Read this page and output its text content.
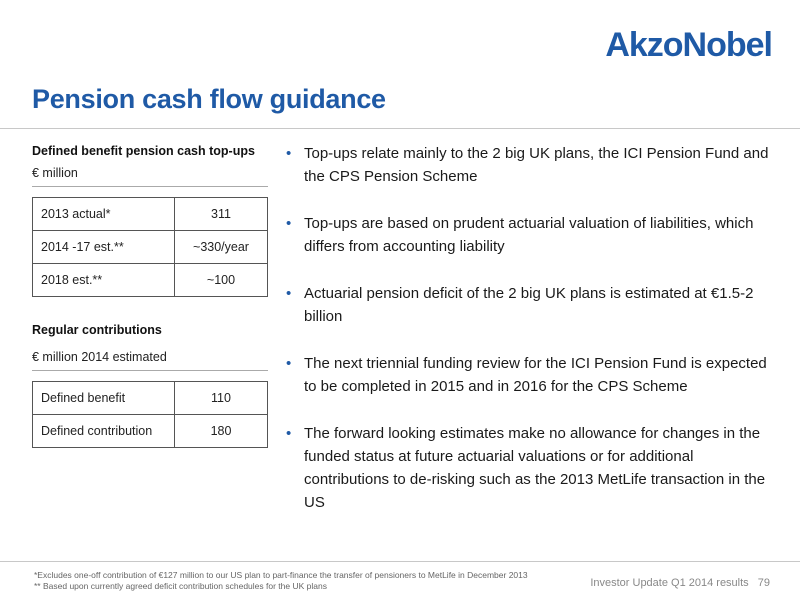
AkzoNobel
Pension cash flow guidance
Defined benefit pension cash top-ups
€ million
2013 actual*	311
2014 -17 est.**	~330/year
2018 est.**	~100
Regular contributions
€ million 2014 estimated
Defined benefit	110
Defined contribution	180
• Top-ups relate mainly to the 2 big UK plans, the ICI Pension Fund and the CPS Pension Scheme
• Top-ups are based on prudent actuarial valuation of liabilities, which differs from accounting liability
• Actuarial pension deficit of the 2 big UK plans is estimated at €1.5-2 billion
• The next triennial funding review for the ICI Pension Fund is expected to be completed in 2015 and in 2016 for the CPS Scheme
• The forward looking estimates make no allowance for changes in the funded status at future actuarial valuations or for additional contributions to de-risking such as the 2013 MetLife transaction in the US
*Excludes one-off contribution of €127 million to our US plan to part-finance the transfer of pensioners to MetLife in December 2013
** Based upon currently agreed deficit contribution schedules for the UK plans	Investor Update Q1 2014 results 79
